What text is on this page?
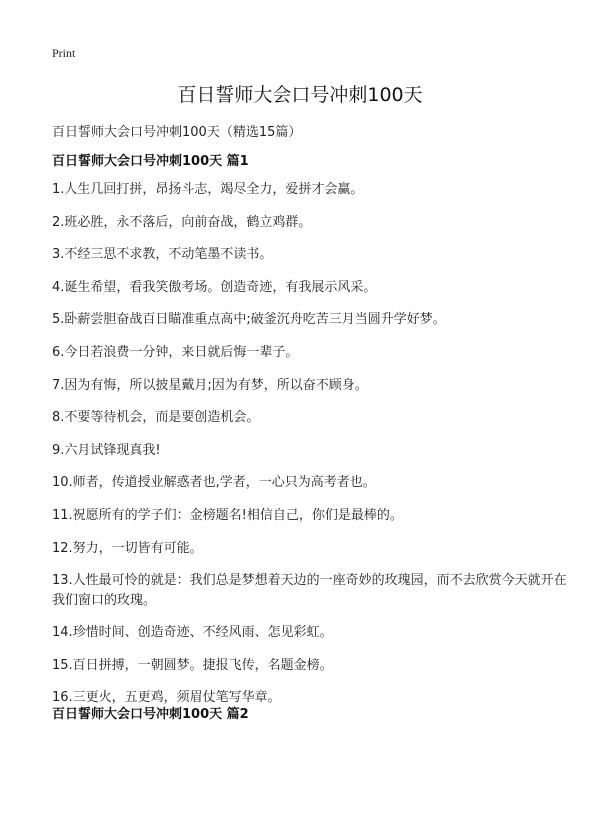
Print
百日誓师大会口号冲刺100天

百日誓师大会口号冲刺100天（精选15篇）

百日誓师大会口号冲刺100天 篇1
1.人生几回打拼，昂扬斗志，竭尽全力，爱拼才会赢。
2.班必胜，永不落后，向前奋战，鹤立鸡群。
3.不经三思不求教，不动笔墨不读书。
4.诞生希望，看我笑傲考场。创造奇迹，有我展示风采。
5.卧薪尝胆奋战百日瞄准重点高中;破釜沉舟吃苦三月当圆升学好梦。
6.今日若浪费一分钟，来日就后悔一辈子。
7.因为有悔，所以披星戴月;因为有梦，所以奋不顾身。
8.不要等待机会，而是要创造机会。
9.六月试锋现真我!
10.师者，传道授业解惑者也,学者，一心只为高考者也。
11.祝愿所有的学子们：金榜题名!相信自己，你们是最棒的。
12.努力，一切皆有可能。
13.人性最可怜的就是：我们总是梦想着天边的一座奇妙的玫瑰园，而不去欣赏今天就开在我们窗口的玫瑰。
14.珍惜时间、创造奇迹、不经风雨、怎见彩虹。
15.百日拼搏，一朝圆梦。捷报飞传，名题金榜。
16.三更火，五更鸡，须眉仗笔写华章。
百日誓师大会口号冲刺100天 篇2
